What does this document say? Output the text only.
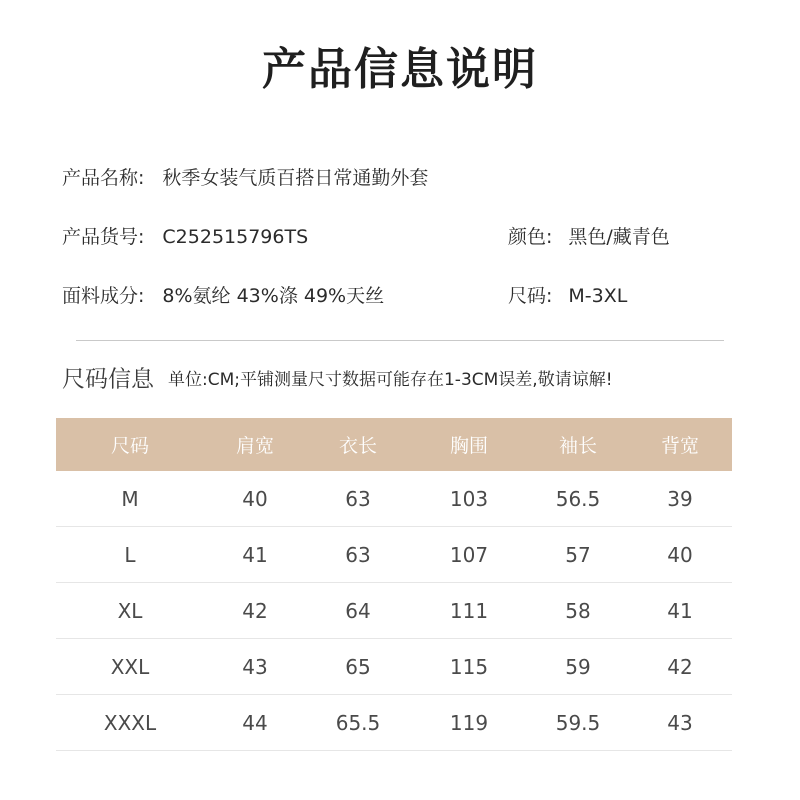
产品信息说明
产品名称: 秋季女装气质百搭日常通勤外套
产品货号: C252515796TS	颜色: 黑色/藏青色
面料成分: 8%氨纶 43%涤 49%天丝	尺码: M-3XL
尺码信息 单位:CM;平铺测量尺寸数据可能存在1-3CM误差,敬请谅解!
尺码	肩宽	衣长	胸围	袖长	背宽
M	40	63	103	56.5	39
L	41	63	107	57	40
XL	42	64	111	58	41
XXL	43	65	115	59	42
XXXL	44	65.5	119	59.5	43
